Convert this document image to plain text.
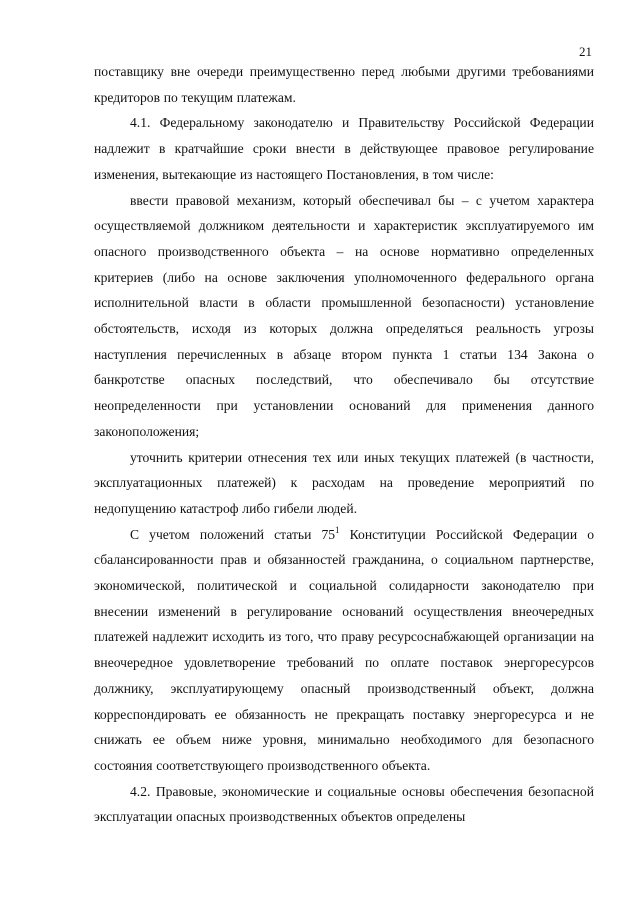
21

поставщику вне очереди преимущественно перед любыми другими требованиями кредиторов по текущим платежам.

4.1. Федеральному законодателю и Правительству Российской Федерации надлежит в кратчайшие сроки внести в действующее правовое регулирование изменения, вытекающие из настоящего Постановления, в том числе:

ввести правовой механизм, который обеспечивал бы – с учетом характера осуществляемой должником деятельности и характеристик эксплуатируемого им опасного производственного объекта – на основе нормативно определенных критериев (либо на основе заключения уполномоченного федерального органа исполнительной власти в области промышленной безопасности) установление обстоятельств, исходя из которых должна определяться реальность угрозы наступления перечисленных в абзаце втором пункта 1 статьи 134 Закона о банкротстве опасных последствий, что обеспечивало бы отсутствие неопределенности при установлении оснований для применения данного законоположения;

уточнить критерии отнесения тех или иных текущих платежей (в частности, эксплуатационных платежей) к расходам на проведение мероприятий по недопущению катастроф либо гибели людей.

С учетом положений статьи $75^1$ Конституции Российской Федерации о сбалансированности прав и обязанностей гражданина, о социальном партнерстве, экономической, политической и социальной солидарности законодателю при внесении изменений в регулирование оснований осуществления внеочередных платежей надлежит исходить из того, что праву ресурсоснабжающей организации на внеочередное удовлетворение требований по оплате поставок энергоресурсов должнику, эксплуатирующему опасный производственный объект, должна корреспондировать ее обязанность не прекращать поставку энергоресурса и не снижать ее объем ниже уровня, минимально необходимого для безопасного состояния соответствующего производственного объекта.

4.2. Правовые, экономические и социальные основы обеспечения безопасной эксплуатации опасных производственных объектов определены
